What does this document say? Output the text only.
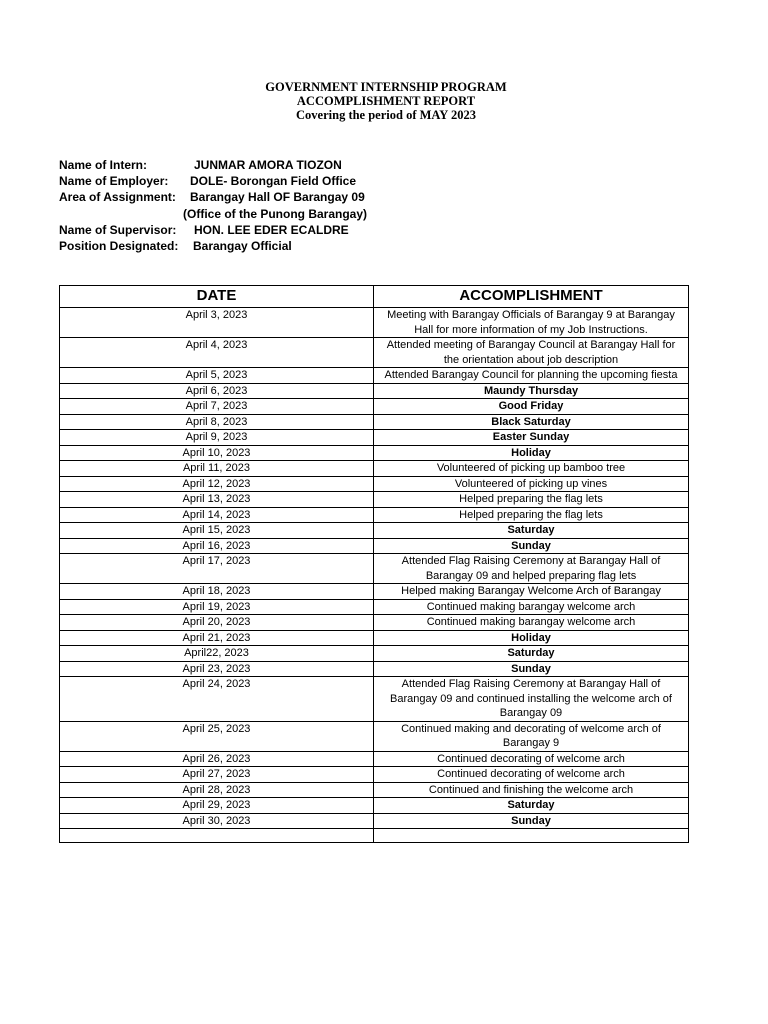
GOVERNMENT INTERNSHIP PROGRAM
ACCOMPLISHMENT REPORT
Covering the period of MAY 2023
Name of Intern:	JUNMAR AMORA TIOZON
Name of Employer: DOLE- Borongan Field Office
Area of Assignment: Barangay Hall OF Barangay 09
(Office of the Punong Barangay)
Name of Supervisor: HON. LEE EDER ECALDRE
Position Designated: Barangay Official
DATE	ACCOMPLISHMENT
April 3, 2023	Meeting with Barangay Officials of Barangay 9 at Barangay Hall for more information of my Job Instructions.
April 4, 2023	Attended meeting of Barangay Council at Barangay Hall for the orientation about job description
April 5, 2023	Attended Barangay Council for planning the upcoming fiesta
April 6, 2023	Maundy Thursday
April 7, 2023	Good Friday
April 8, 2023	Black Saturday
April 9, 2023	Easter Sunday
April 10, 2023	Holiday
April 11, 2023	Volunteered of picking up bamboo tree
April 12, 2023	Volunteered of picking up vines
April 13, 2023	Helped preparing the flag lets
April 14, 2023	Helped preparing the flag lets
April 15, 2023	Saturday
April 16, 2023	Sunday
April 17, 2023	Attended Flag Raising Ceremony at Barangay Hall of Barangay 09 and helped preparing flag lets
April 18, 2023	Helped making Barangay Welcome Arch of Barangay
April 19, 2023	Continued making barangay welcome arch
April 20, 2023	Continued making barangay welcome arch
April 21, 2023	Holiday
April22, 2023	Saturday
April 23, 2023	Sunday
April 24, 2023	Attended Flag Raising Ceremony at Barangay Hall of Barangay 09 and continued installing the welcome arch of Barangay 09
April 25, 2023	Continued making and decorating of welcome arch of Barangay 9
April 26, 2023	Continued decorating of welcome arch
April 27, 2023	Continued decorating of welcome arch
April 28, 2023	Continued and finishing the welcome arch
April 29, 2023	Saturday
April 30, 2023	Sunday
